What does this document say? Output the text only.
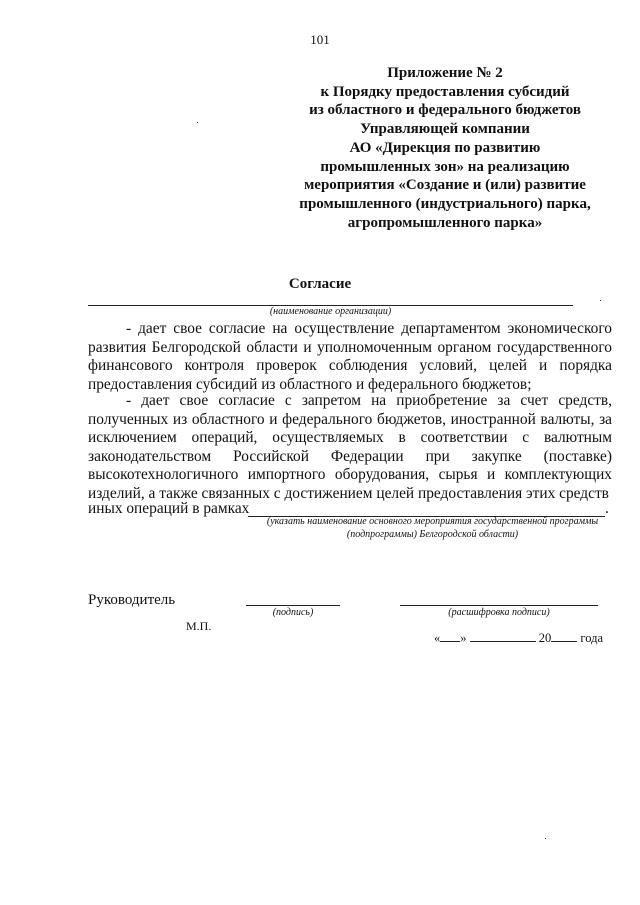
101
Приложение № 2
к Порядку предоставления субсидий
из областного и федерального бюджетов
Управляющей компании
АО «Дирекция по развитию
промышленных зон» на реализацию
мероприятия «Создание и (или) развитие
промышленного (индустриального) парка,
агропромышленного парка»
Согласие
(наименование организации)
- дает свое согласие на осуществление департаментом экономического развития Белгородской области и уполномоченным органом государственного финансового контроля проверок соблюдения условий, целей и порядка предоставления субсидий из областного и федерального бюджетов;
- дает свое согласие с запретом на приобретение за счет средств, полученных из областного и федерального бюджетов, иностранной валюты, за исключением операций, осуществляемых в соответствии с валютным законодательством Российской Федерации при закупке (поставке) высокотехнологичного импортного оборудования, сырья и комплектующих изделий, а также связанных с достижением целей предоставления этих средств
иных операций в рамках	.
(указать наименование основного мероприятия государственной программы
(подпрограммы) Белгородской области)
Руководитель
(подпись)	(расшифровка подписи)
М.П.
« »	20 года
